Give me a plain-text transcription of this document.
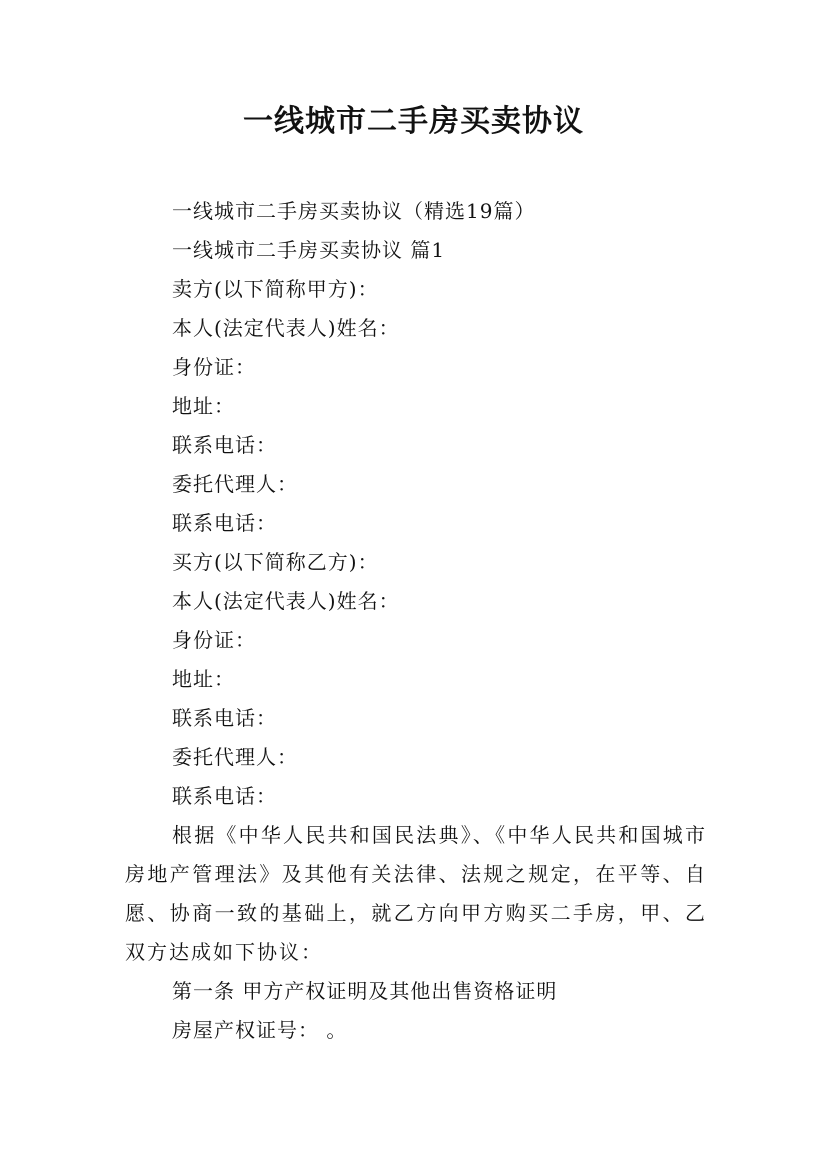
一线城市二手房买卖协议

一线城市二手房买卖协议（精选19篇）

一线城市二手房买卖协议 篇1

卖方(以下简称甲方)：

本人(法定代表人)姓名：

身份证：

地址：

联系电话：

委托代理人：

联系电话：

买方(以下简称乙方)：

本人(法定代表人)姓名：

身份证：

地址：

联系电话：

委托代理人：

联系电话：

根据《中华人民共和国民法典》、《中华人民共和国城市房地产管理法》及其他有关法律、法规之规定，在平等、自愿、协商一致的基础上，就乙方向甲方购买二手房，甲、乙双方达成如下协议：

第一条 甲方产权证明及其他出售资格证明

房屋产权证号： 。
